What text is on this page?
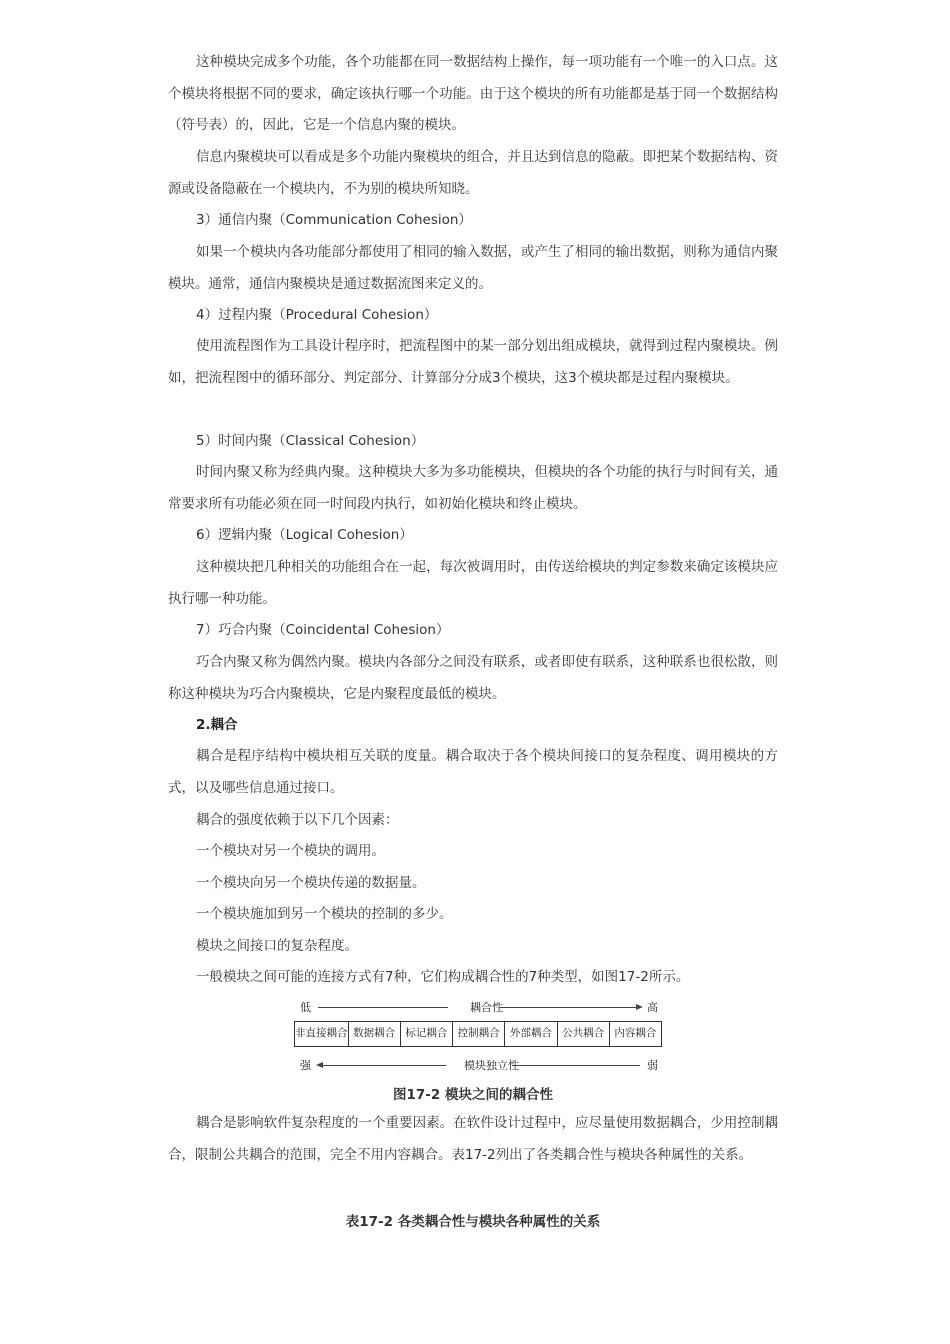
这种模块完成多个功能，各个功能都在同一数据结构上操作，每一项功能有一个唯一的入口点。这个模块将根据不同的要求，确定该执行哪一个功能。由于这个模块的所有功能都是基于同一个数据结构（符号表）的，因此，它是一个信息内聚的模块。

信息内聚模块可以看成是多个功能内聚模块的组合，并且达到信息的隐蔽。即把某个数据结构、资源或设备隐蔽在一个模块内，不为别的模块所知晓。

3）通信内聚（Communication Cohesion）

如果一个模块内各功能部分都使用了相同的输入数据，或产生了相同的输出数据，则称为通信内聚模块。通常，通信内聚模块是通过数据流图来定义的。

4）过程内聚（Procedural Cohesion）

使用流程图作为工具设计程序时，把流程图中的某一部分划出组成模块，就得到过程内聚模块。例如，把流程图中的循环部分、判定部分、计算部分分成3个模块，这3个模块都是过程内聚模块。

5）时间内聚（Classical Cohesion）

时间内聚又称为经典内聚。这种模块大多为多功能模块，但模块的各个功能的执行与时间有关，通常要求所有功能必须在同一时间段内执行，如初始化模块和终止模块。

6）逻辑内聚（Logical Cohesion）

这种模块把几种相关的功能组合在一起，每次被调用时，由传送给模块的判定参数来确定该模块应执行哪一种功能。

7）巧合内聚（Coincidental Cohesion）

巧合内聚又称为偶然内聚。模块内各部分之间没有联系，或者即使有联系，这种联系也很松散，则称这种模块为巧合内聚模块，它是内聚程度最低的模块。

2.耦合

耦合是程序结构中模块相互关联的度量。耦合取决于各个模块间接口的复杂程度、调用模块的方式，以及哪些信息通过接口。

耦合的强度依赖于以下几个因素：

一个模块对另一个模块的调用。

一个模块向另一个模块传递的数据量。

一个模块施加到另一个模块的控制的多少。

模块之间接口的复杂程度。

一般模块之间可能的连接方式有7种，它们构成耦合性的7种类型，如图17-2所示。

低	耦合性	高
非直接耦合 数据耦合 标记耦合 控制耦合 外部耦合 公共耦合 内容耦合
强	模块独立性	弱
图17-2 模块之间的耦合性

耦合是影响软件复杂程度的一个重要因素。在软件设计过程中，应尽量使用数据耦合，少用控制耦合，限制公共耦合的范围，完全不用内容耦合。表17-2列出了各类耦合性与模块各种属性的关系。

表17-2 各类耦合性与模块各种属性的关系
